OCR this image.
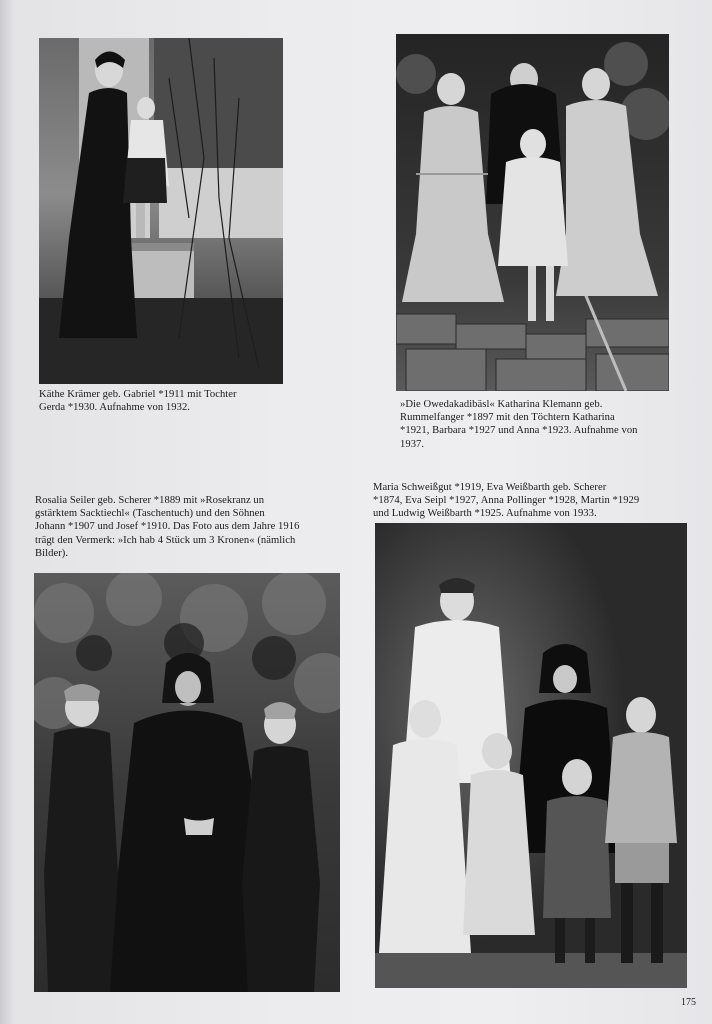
Käthe Krämer geb. Gabriel *1911 mit Tochter
Gerda *1930. Aufnahme von 1932.	»Die Owedakadibäsl« Katharina Klemann geb.
Rummelfanger *1897 mit den Töchtern Katharina
*1921, Barbara *1927 und Anna *1923. Aufnahme von
1937.
Rosalia Seiler geb. Scherer *1889 mit »Rosekranz un
gstärktem Sacktiechl« (Taschentuch) und den Söhnen
Johann *1907 und Josef *1910. Das Foto aus dem Jahre 1916
trägt den Vermerk: »Ich hab 4 Stück um 3 Kronen« (nämlich
Bilder).
Maria Schweißgut *1919, Eva Weißbarth geb. Scherer
*1874, Eva Seipl *1927, Anna Pollinger *1928, Martin *1929
und Ludwig Weißbarth *1925. Aufnahme von 1933.
175
